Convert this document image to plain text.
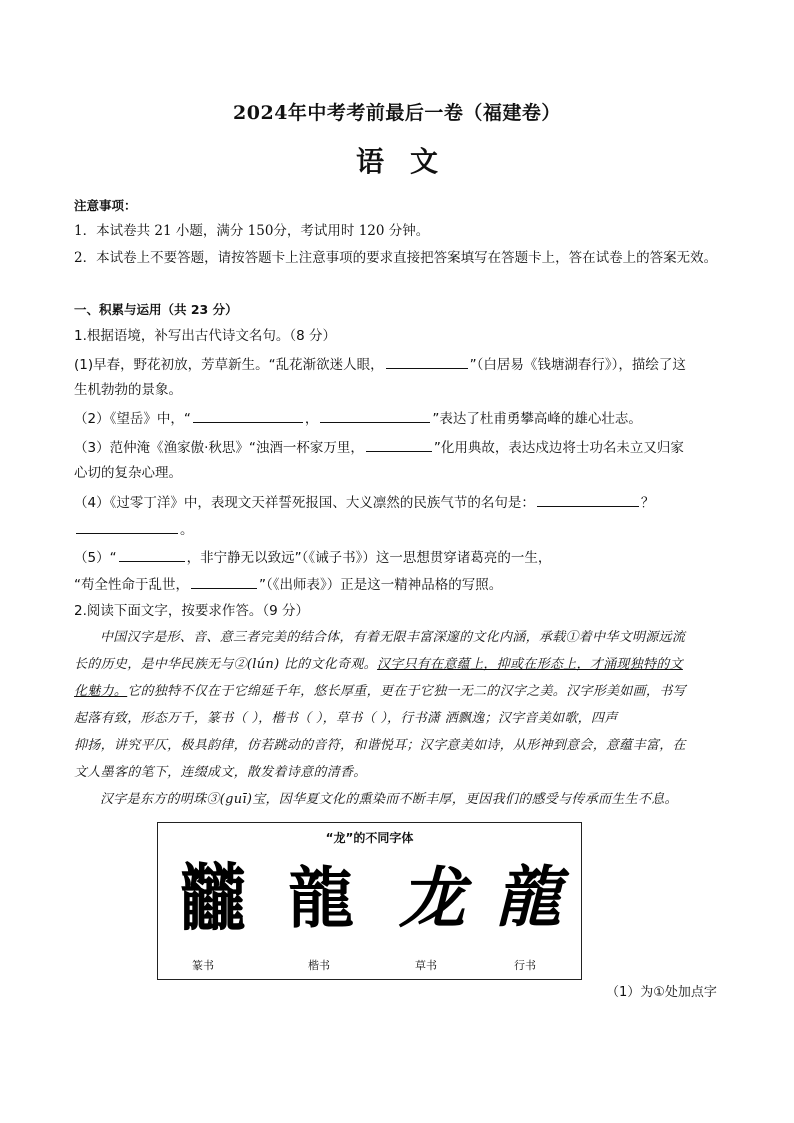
2024年中考考前最后一卷（福建卷）
语文
注意事项：
1．本试卷共 21 小题，满分 150分，考试用时 120 分钟。
2．本试卷上不要答题，请按答题卡上注意事项的要求直接把答案填写在答题卡上，答在试卷上的答案无效。
一、积累与运用（共 23 分）
1.根据语境，补写出古代诗文名句。（8 分）
(1)早春，野花初放，芳草新生。“乱花渐欲迷人眼，	”（白居易《钱塘湖春行》），描绘了这
生机勃勃的景象。
（2）《望岳》中，“	，	”表达了杜甫勇攀高峰的雄心壮志。
（3）范仲淹《渔家傲·秋思》“浊酒一杯家万里，	”化用典故，表达戍边将士功名未立又归家
心切的复杂心理。
（4）《过零丁洋》中，表现文天祥誓死报国、大义凛然的民族气节的名句是：	？
。
（5）“	，非宁静无以致远”（《诫子书》）这一思想贯穿诸葛亮的一生，
“苟全性命于乱世，	”（《出师表》）正是这一精神品格的写照。
2.阅读下面文字，按要求作答。（9 分）
中国汉字是形、音、意三者完美的结合体，有着无限丰富深邃的文化内涵，承载①着中华文明源远流
长的历史，是中华民族无与②(lún) 比的文化奇观。汉字只有在意蕴上，抑或在形态上，才涌现独特的文
化魅力。它的独特不仅在于它绵延千年，悠长厚重，更在于它独一无二的汉字之美。汉字形美如画，书写
起落有致，形态万千，篆书（ ），楷书（ ），草书（ ），行书潇 洒飘逸；汉字音美如歌，四声
抑扬，讲究平仄，极具韵律，仿若跳动的音符，和谐悦耳；汉字意美如诗，从形神到意会，意蕴丰富，在
文人墨客的笔下，连缀成文，散发着诗意的清香。
汉字是东方的明珠③(guī)宝，因华夏文化的熏染而不断丰厚，更因我们的感受与传承而生生不息。
“龙”的不同字体
龖 龍 龙 龍
篆书	楷书	草书	行书
（1）为①处加点字
